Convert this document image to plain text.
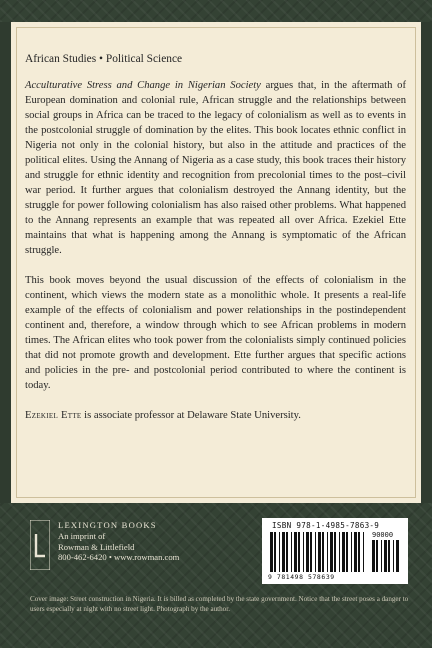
African Studies • Political Science

Acculturative Stress and Change in Nigerian Society argues that, in the aftermath of European domination and colonial rule, African struggle and the relationships between social groups in Africa can be traced to the legacy of colonialism as well as to events in the postcolonial struggle of domination by the elites. This book locates ethnic conflict in Nigeria not only in the colonial history, but also in the attitude and practices of the political elites. Using the Annang of Nigeria as a case study, this book traces their history and struggle for ethnic identity and recognition from precolonial times to the post–civil war period. It further argues that colonialism destroyed the Annang identity, but the struggle for power following colonialism has also raised other problems. What happened to the Annang represents an example that was repeated all over Africa. Ezekiel Ette maintains that what is happening among the Annang is symptomatic of the African struggle.

This book moves beyond the usual discussion of the effects of colonialism in the continent, which views the modern state as a monolithic whole. It presents a real-life example of the effects of colonialism and power relationships in the postindependent continent and, therefore, a window through which to see African problems in modern times. The African elites who took power from the colonialists simply continued policies that did not promote growth and development. Ette further argues that specific actions and policies in the pre- and postcolonial period contributed to where the continent is today.

Ezekiel Ette is associate professor at Delaware State University.

LEXINGTON BOOKS
An imprint of
Rowman & Littlefield
800-462-6420 • www.rowman.com
ISBN 978-1-4985-7863-9
90000
9 781498 578639
Cover image: Street construction in Nigeria. It is billed as completed by the state government. Notice that the street poses a danger to users especially at night with no street light. Photograph by the author.
